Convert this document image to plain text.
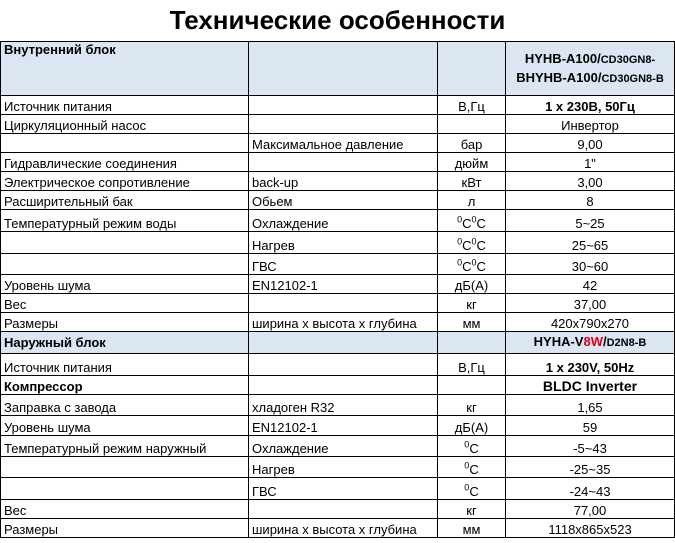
Технические особенности
Внутренний блок			HYHB-A100/CD30GN8-
BHYHB-A100/CD30GN8-B
Источник питания		В,Гц	1 x 230В, 50Гц
Циркуляционный насос			Инвертор
	Максимальное давление	бар	9,00
Гидравлические соединения		дюйм	1"
Электрическое сопротивление	back-up	кВт	3,00
Расширительный бак	Обьем	л	8
Температурный режим воды	Охлаждение	$^0C^0C$	5~25
	Нагрев	$^0C^0C$	25~65
	ГВС	$^0C^0C$	30~60
Уровень шума	EN12102-1	дБ(А)	42
Вес		кг	37,00
Размеры	ширина х высота х глубина	мм	420x790x270
Наружный блок			HYHA-V8W/D2N8-B
Источник питания		В,Гц	1 x 230V, 50Hz
Компрессор			BLDC Inverter
Заправка с завода	хладоген R32	кг	1,65
Уровень шума	EN12102-1	дБ(А)	59
Температурный режим наружный	Охлаждение	$^0$C	-5~43
	Нагрев	$^0$C	-25~35
	ГВС	$^0$C	-24~43
Вес		кг	77,00
Размеры	ширина х высота х глубина	мм	1118x865x523
